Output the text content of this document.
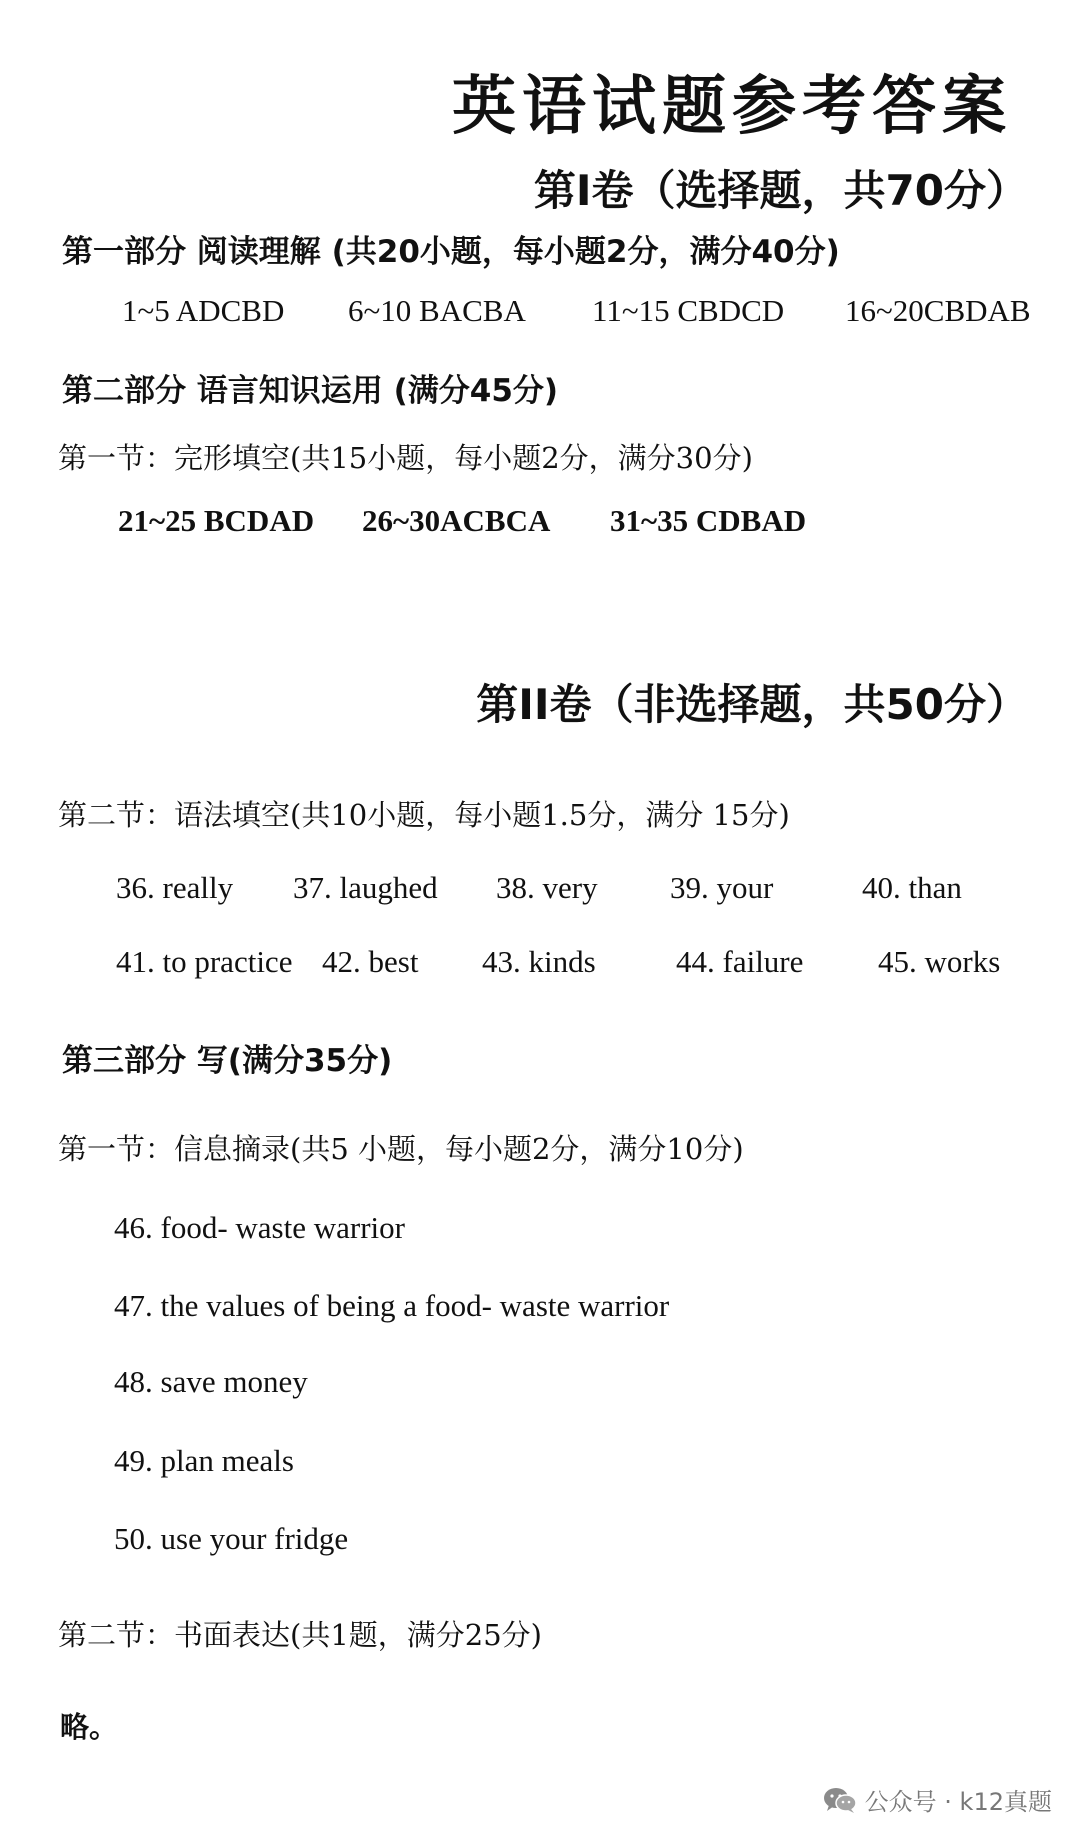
英语试题参考答案
第Ⅰ卷（选择题，共70分）
第一部分 阅读理解 (共20小题，每小题2分，满分40分)
1~5 ADCBD 6~10 BACBA 11~15 CBDCD 16~20CBDAB
第二部分 语言知识运用 (满分45分)
第一节：完形填空(共15小题，每小题2分，满分30分)
21~25 BCDAD 26~30ACBCA 31~35 CDBAD
第II卷（非选择题，共50分）
第二节：语法填空(共10小题，每小题1.5分，满分 15分)
36. really 37. laughed 38. very 39. your	40. than
41. to practice 42. best 43. kinds	44. failure 45. works
第三部分 写(满分35分)
第一节：信息摘录(共5 小题，每小题2分，满分10分)
46. food- waste warrior
47. the values of being a food- waste warrior
48. save money
49. plan meals
50. use your fridge
第二节：书面表达(共1题，满分25分)
略。
公众号 · k12真题
